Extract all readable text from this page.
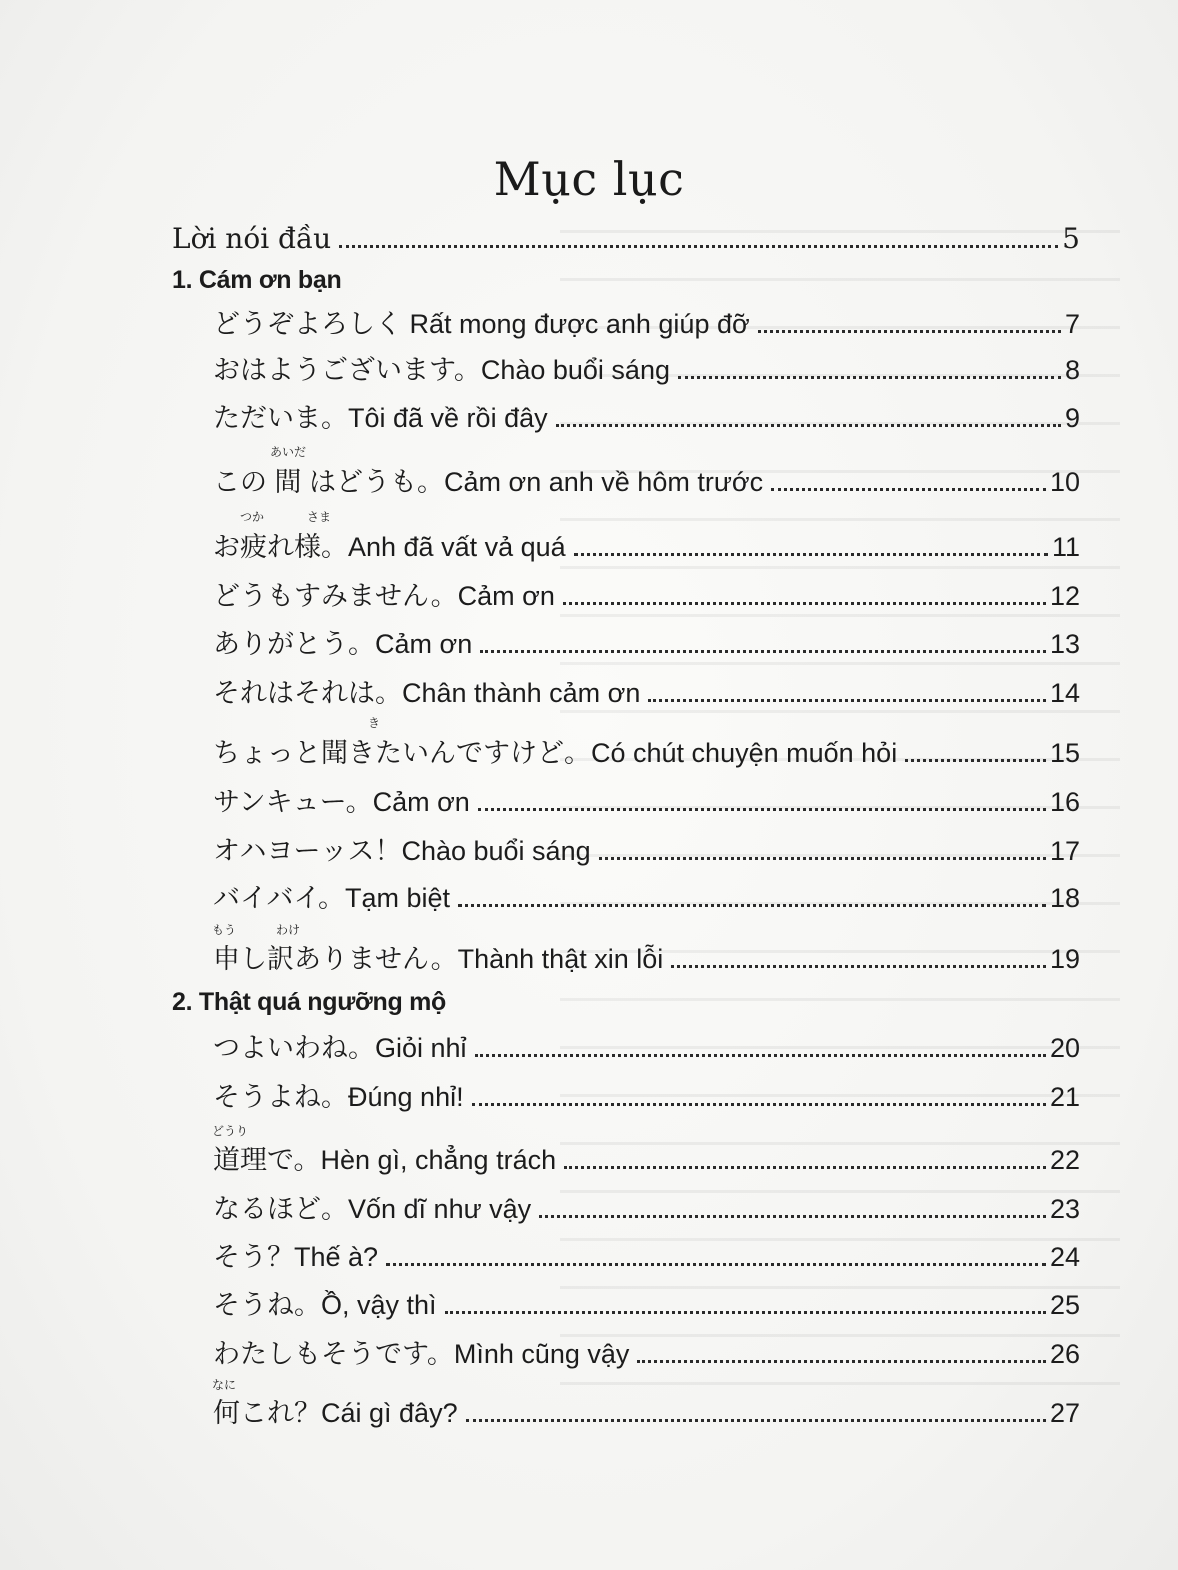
Mục lục
Lời nói đầu	5
1. Cám ơn bạn
どうぞよろしく Rất mong được anh giúp đỡ	7
おはようございます。Chào buổi sáng	8
ただいま。Tôi đã về rồi đây	9
あいだ
この 間 はどうも。Cảm ơn anh về hôm trước	10
つか	さま
お疲れ様。Anh đã vất vả quá	11
どうもすみません。Cảm ơn	12
ありがとう。Cảm ơn	13
それはそれは。Chân thành cảm ơn	14
き
ちょっと聞きたいんですけど。Có chút chuyện muốn hỏi	15
サンキュー。Cảm ơn	16
オハヨーッス！Chào buổi sáng	17
バイバイ。Tạm biệt	18
もう	わけ
申し訳ありません。Thành thật xin lỗi	19
2. Thật quá ngưỡng mộ
つよいわね。Giỏi nhỉ	20
そうよね。Đúng nhỉ!	21
どうり
道理で。Hèn gì, chẳng trách	22
なるほど。Vốn dĩ như vậy	23
そう？Thế à?	24
そうね。Ồ, vậy thì	25
わたしもそうです。Mình cũng vậy	26
なに
何これ？Cái gì đây?	27
